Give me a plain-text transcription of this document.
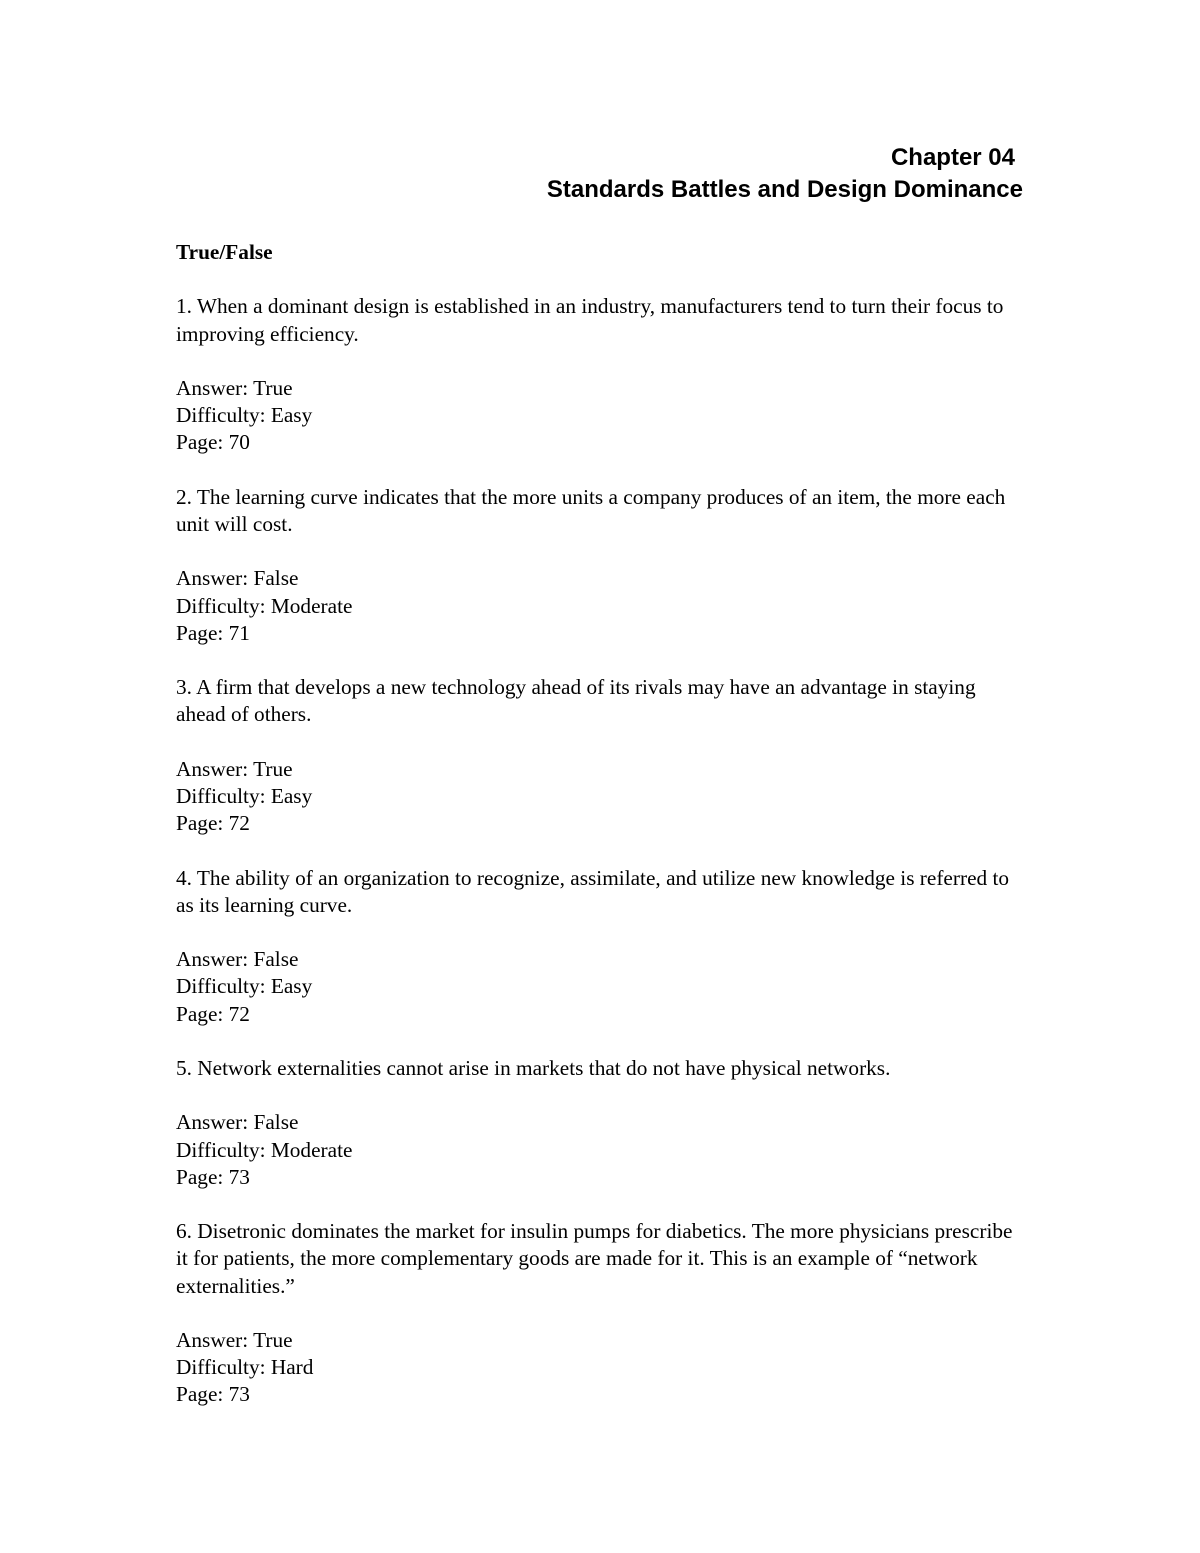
Chapter 04
Standards Battles and Design Dominance
True/False
1. When a dominant design is established in an industry, manufacturers tend to turn their focus to improving efficiency.
Answer: True
Difficulty: Easy
Page: 70
2. The learning curve indicates that the more units a company produces of an item, the more each unit will cost.
Answer: False
Difficulty: Moderate
Page: 71
3. A firm that develops a new technology ahead of its rivals may have an advantage in staying ahead of others.
Answer: True
Difficulty: Easy
Page: 72
4. The ability of an organization to recognize, assimilate, and utilize new knowledge is referred to as its learning curve.
Answer: False
Difficulty: Easy
Page: 72
5. Network externalities cannot arise in markets that do not have physical networks.
Answer: False
Difficulty: Moderate
Page: 73
6. Disetronic dominates the market for insulin pumps for diabetics. The more physicians prescribe it for patients, the more complementary goods are made for it. This is an example of “network externalities.”
Answer: True
Difficulty: Hard
Page: 73
